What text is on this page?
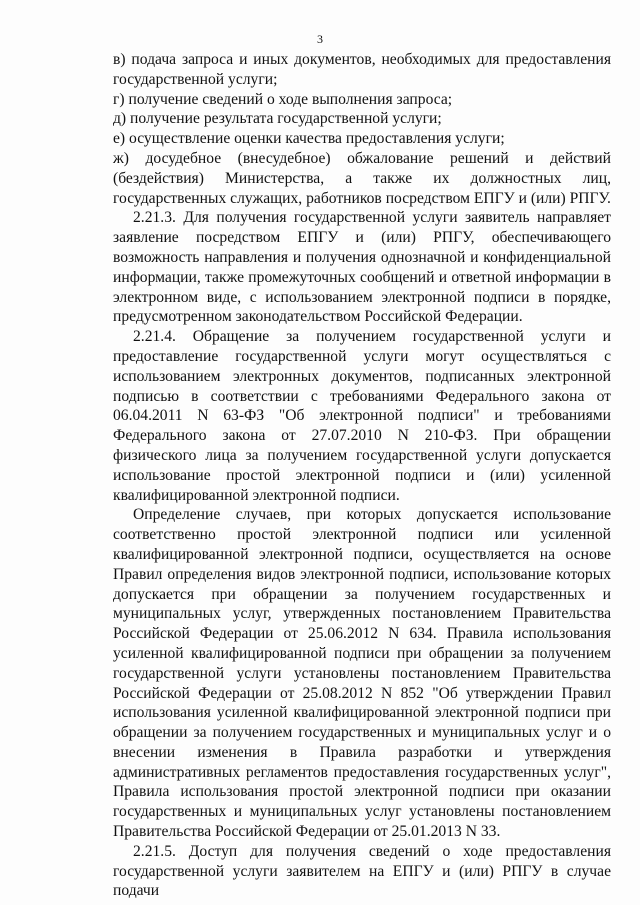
3

в) подача запроса и иных документов, необходимых для предоставления государственной услуги;

г) получение сведений о ходе выполнения запроса;

д) получение результата государственной услуги;

е) осуществление оценки качества предоставления услуги;

ж) досудебное (внесудебное) обжалование решений и действий (бездействия) Министерства, а также их должностных лиц, государственных служащих, работников посредством ЕПГУ и (или) РПГУ.

2.21.3. Для получения государственной услуги заявитель направляет заявление посредством ЕПГУ и (или) РПГУ, обеспечивающего возможность направления и получения однозначной и конфиденциальной информации, также промежуточных сообщений и ответной информации в электронном виде, с использованием электронной подписи в порядке, предусмотренном законодательством Российской Федерации.

2.21.4. Обращение за получением государственной услуги и предоставление государственной услуги могут осуществляться с использованием электронных документов, подписанных электронной подписью в соответствии с требованиями Федерального закона от 06.04.2011 N 63-ФЗ "Об электронной подписи" и требованиями Федерального закона от 27.07.2010 N 210-ФЗ. При обращении физического лица за получением государственной услуги допускается использование простой электронной подписи и (или) усиленной квалифицированной электронной подписи.

Определение случаев, при которых допускается использование соответственно простой электронной подписи или усиленной квалифицированной электронной подписи, осуществляется на основе Правил определения видов электронной подписи, использование которых допускается при обращении за получением государственных и муниципальных услуг, утвержденных постановлением Правительства Российской Федерации от 25.06.2012 N 634. Правила использования усиленной квалифицированной подписи при обращении за получением государственной услуги установлены постановлением Правительства Российской Федерации от 25.08.2012 N 852 "Об утверждении Правил использования усиленной квалифицированной электронной подписи при обращении за получением государственных и муниципальных услуг и о внесении изменения в Правила разработки и утверждения административных регламентов предоставления государственных услуг", Правила использования простой электронной подписи при оказании государственных и муниципальных услуг установлены постановлением Правительства Российской Федерации от 25.01.2013 N 33.

2.21.5. Доступ для получения сведений о ходе предоставления государственной услуги заявителем на ЕПГУ и (или) РПГУ в случае подачи
